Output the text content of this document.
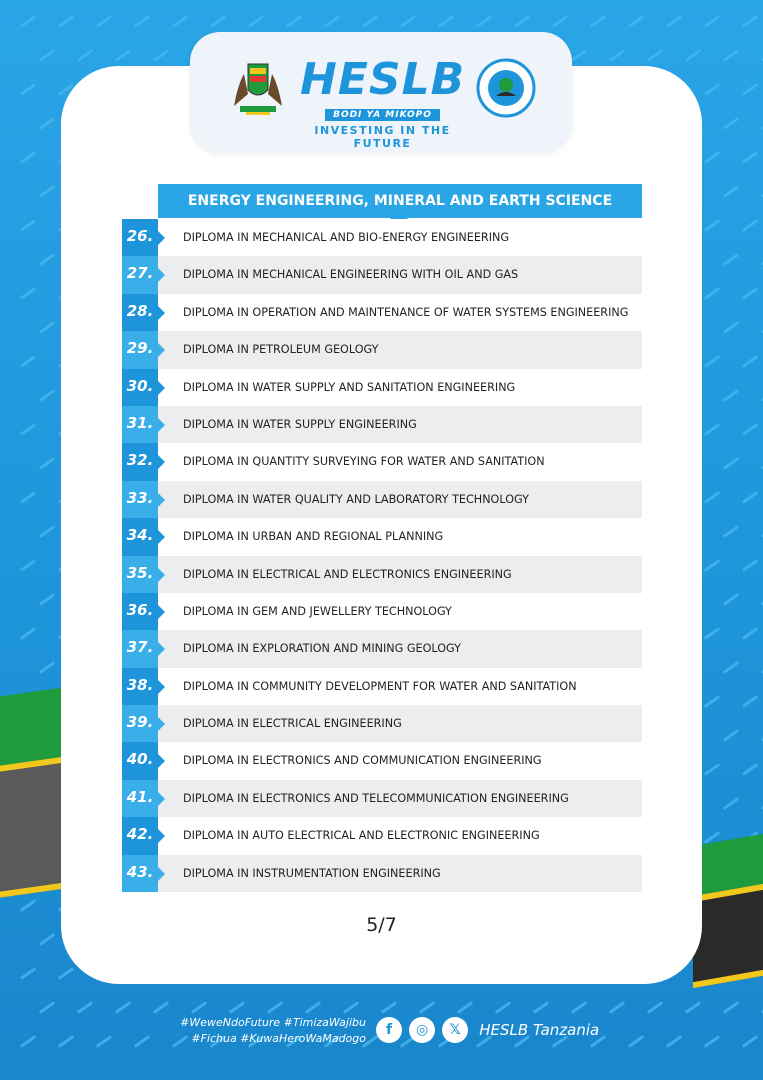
HESLB
BODI YA MIKOPO
INVESTING IN THE FUTURE
ENERGY ENGINEERING, MINERAL AND EARTH SCIENCE
DIPLOMA IN MECHANICAL AND BIO-ENERGY ENGINEERING
26.
DIPLOMA IN MECHANICAL ENGINEERING WITH OIL AND GAS
27.
DIPLOMA IN OPERATION AND MAINTENANCE OF WATER SYSTEMS ENGINEERING
28.
DIPLOMA IN PETROLEUM GEOLOGY
29.
DIPLOMA IN WATER SUPPLY AND SANITATION ENGINEERING
30.
DIPLOMA IN WATER SUPPLY ENGINEERING
31.
DIPLOMA IN QUANTITY SURVEYING FOR WATER AND SANITATION
32.
DIPLOMA IN WATER QUALITY AND LABORATORY TECHNOLOGY
33.
DIPLOMA IN URBAN AND REGIONAL PLANNING
34.
DIPLOMA IN ELECTRICAL AND ELECTRONICS ENGINEERING
35.
DIPLOMA IN GEM AND JEWELLERY TECHNOLOGY
36.
DIPLOMA IN EXPLORATION AND MINING GEOLOGY
37.
DIPLOMA IN COMMUNITY DEVELOPMENT FOR WATER AND SANITATION
38.
DIPLOMA IN ELECTRICAL ENGINEERING
39.
DIPLOMA IN ELECTRONICS AND COMMUNICATION ENGINEERING
40.
DIPLOMA IN ELECTRONICS AND TELECOMMUNICATION ENGINEERING
41.
DIPLOMA IN AUTO ELECTRICAL AND ELECTRONIC ENGINEERING
42.
DIPLOMA IN INSTRUMENTATION ENGINEERING
43.
5/7
#WeweNdoFuture #TimizaWajibu
#Fichua #KuwaHeroWaMadogo
f ◎ 𝕏 HESLB Tanzania
